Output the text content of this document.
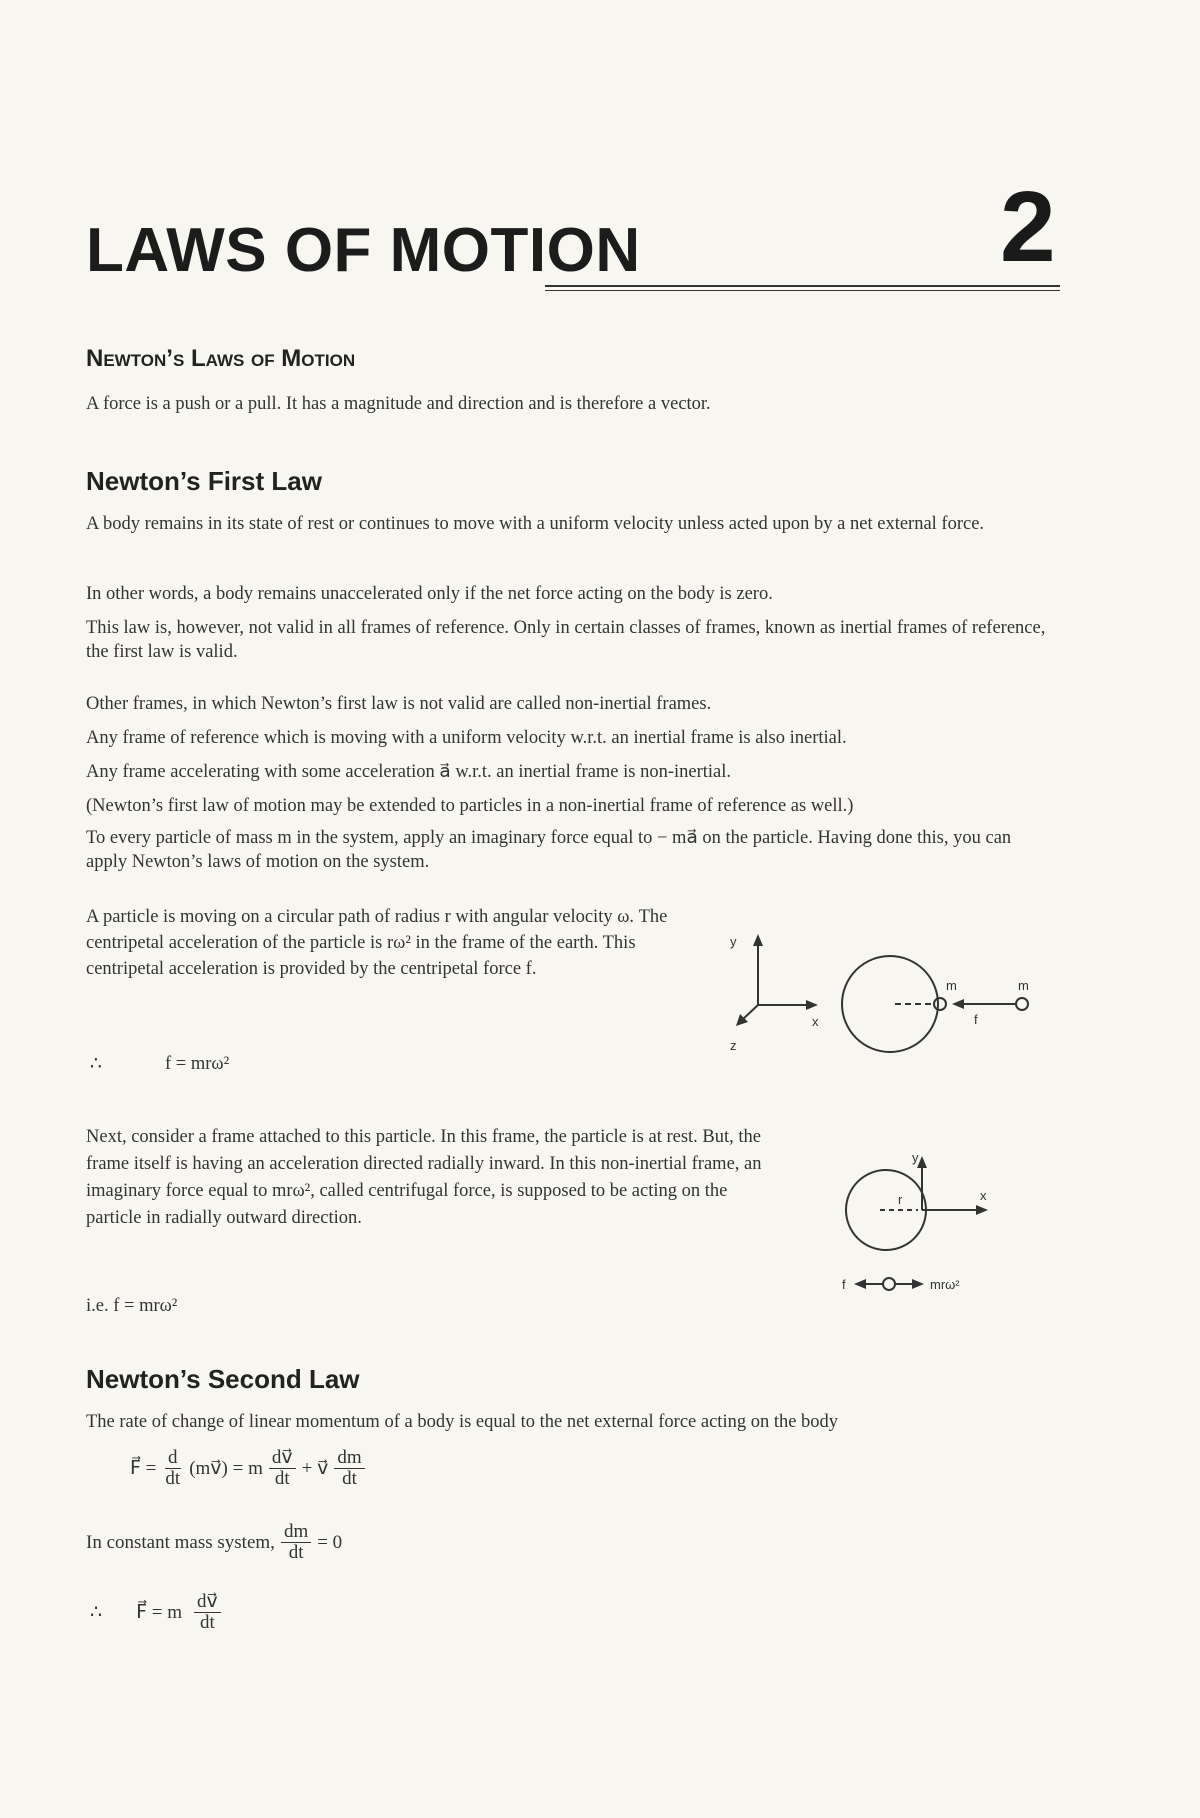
LAWS OF MOTION	2
Newton’s Laws of Motion
A force is a push or a pull. It has a magnitude and direction and is therefore a vector.
Newton’s First Law
A body remains in its state of rest or continues to move with a uniform velocity unless acted upon by a net external force.
In other words, a body remains unaccelerated only if the net force acting on the body is zero.
This law is, however, not valid in all frames of reference. Only in certain classes of frames, known as inertial frames of reference, the first law is valid.
Other frames, in which Newton’s first law is not valid are called non-inertial frames.
Any frame of reference which is moving with a uniform velocity w.r.t. an inertial frame is also inertial.
Any frame accelerating with some acceleration a⃗ w.r.t. an inertial frame is non-inertial.
(Newton’s first law of motion may be extended to particles in a non-inertial frame of reference as well.)
To every particle of mass m in the system, apply an imaginary force equal to − ma⃗ on the particle. Having done this, you can apply Newton’s laws of motion on the system.
A particle is moving on a circular path of radius r with angular velocity ω. The centripetal acceleration of the particle is rω² in the frame of the earth. This centripetal acceleration is provided by the centripetal force f.
∴	f = mrω²
y
x
z
m	m
f
Next, consider a frame attached to this particle. In this frame, the particle is at rest. But, the frame itself is having an acceleration directed radially inward. In this non-inertial frame, an imaginary force equal to mrω², called centrifugal force, is supposed to be acting on the particle in radially outward direction.
i.e. f = mrω²
y
x
r
f	mrω²
Newton’s Second Law
The rate of change of linear momentum of a body is equal to the net external force acting on the body
F⃗ = $\frac{d}{dt}$ (mv⃗) = m $\frac{dv⃗}{dt}$ + v⃗ $\frac{dm}{dt}$
In constant mass system, $\frac{dm}{dt} = 0$
∴ F⃗ = m $\frac{dv⃗}{dt}$
